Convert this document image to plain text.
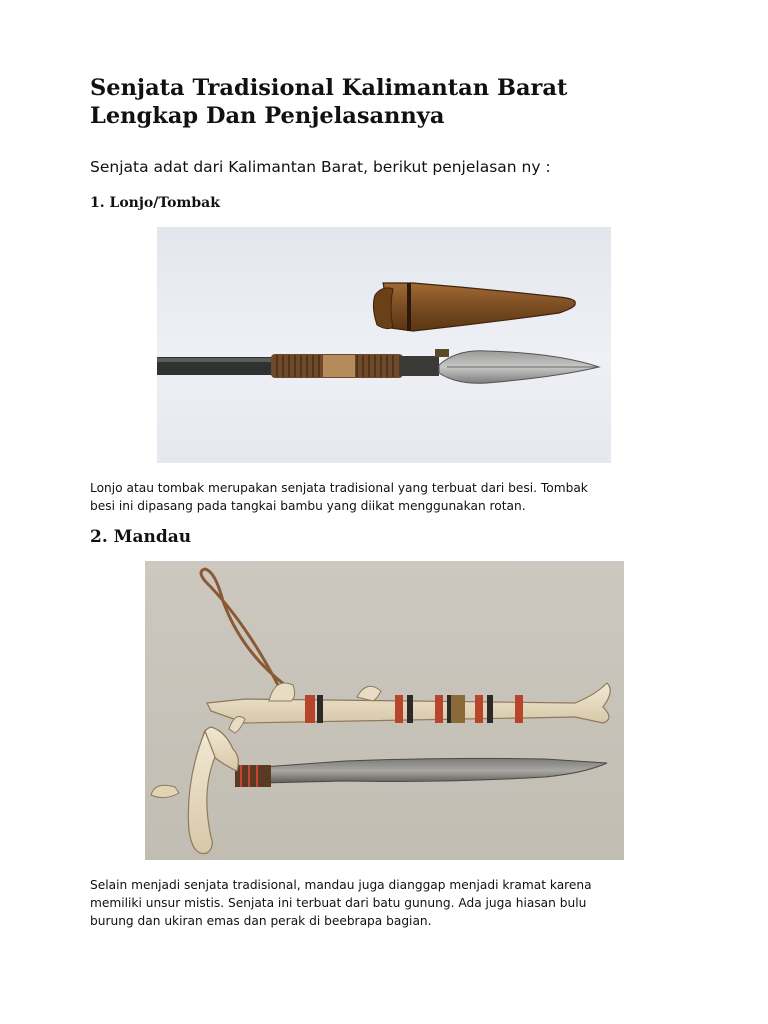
Senjata Tradisional Kalimantan Barat
Lengkap Dan Penjelasannya

Senjata adat dari Kalimantan Barat, berikut penjelasan ny :

1. Lonjo/Tombak

Lonjo atau tombak merupakan senjata tradisional yang terbuat dari besi. Tombak
besi ini dipasang pada tangkai bambu yang diikat menggunakan rotan.

2. Mandau

Selain menjadi senjata tradisional, mandau juga dianggap menjadi kramat karena
memiliki unsur mistis. Senjata ini terbuat dari batu gunung. Ada juga hiasan bulu
burung dan ukiran emas dan perak di beebrapa bagian.
